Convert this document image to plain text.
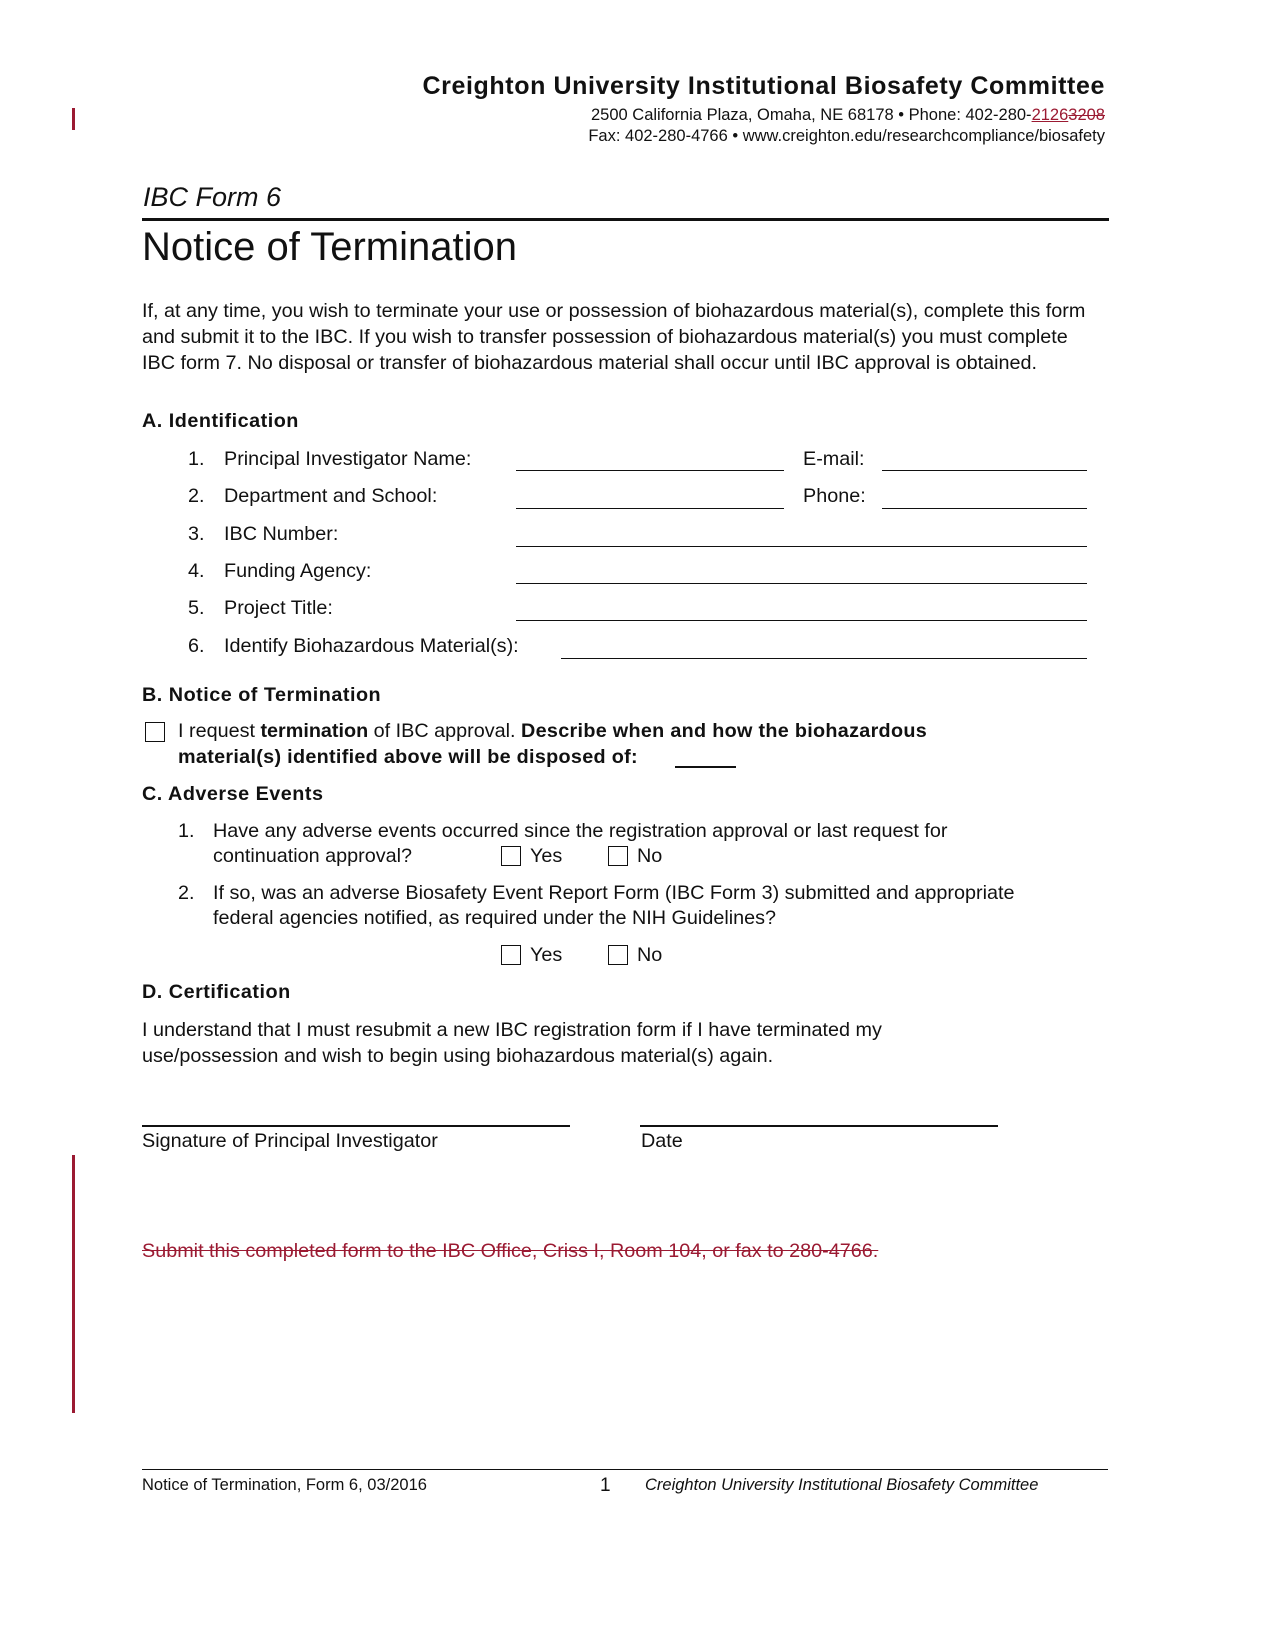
Creighton University Institutional Biosafety Committee
2500 California Plaza, Omaha, NE 68178 • Phone: 402-280-21263208
Fax: 402-280-4766 • www.creighton.edu/researchcompliance/biosafety
IBC Form 6
Notice of Termination
If, at any time, you wish to terminate your use or possession of biohazardous material(s), complete this form and submit it to the IBC. If you wish to transfer possession of biohazardous material(s) you must complete IBC form 7. No disposal or transfer of biohazardous material shall occur until IBC approval is obtained.
A. Identification
1. Principal Investigator Name:	E-mail:
2. Department and School:	Phone:
3. IBC Number:
4. Funding Agency:
5. Project Title:
6. Identify Biohazardous Material(s):
B. Notice of Termination
I request termination of IBC approval. Describe when and how the biohazardous
material(s) identified above will be disposed of:
C. Adverse Events
1. Have any adverse events occurred since the registration approval or last request for
continuation approval?	Yes	No
2. If so, was an adverse Biosafety Event Report Form (IBC Form 3) submitted and appropriate
federal agencies notified, as required under the NIH Guidelines?
Yes	No
D. Certification
I understand that I must resubmit a new IBC registration form if I have terminated my use/possession and wish to begin using biohazardous material(s) again.
Signature of Principal Investigator	Date
Submit this completed form to the IBC Office, Criss I, Room 104, or fax to 280-4766.
Notice of Termination, Form 6, 03/2016	1 Creighton University Institutional Biosafety Committee
